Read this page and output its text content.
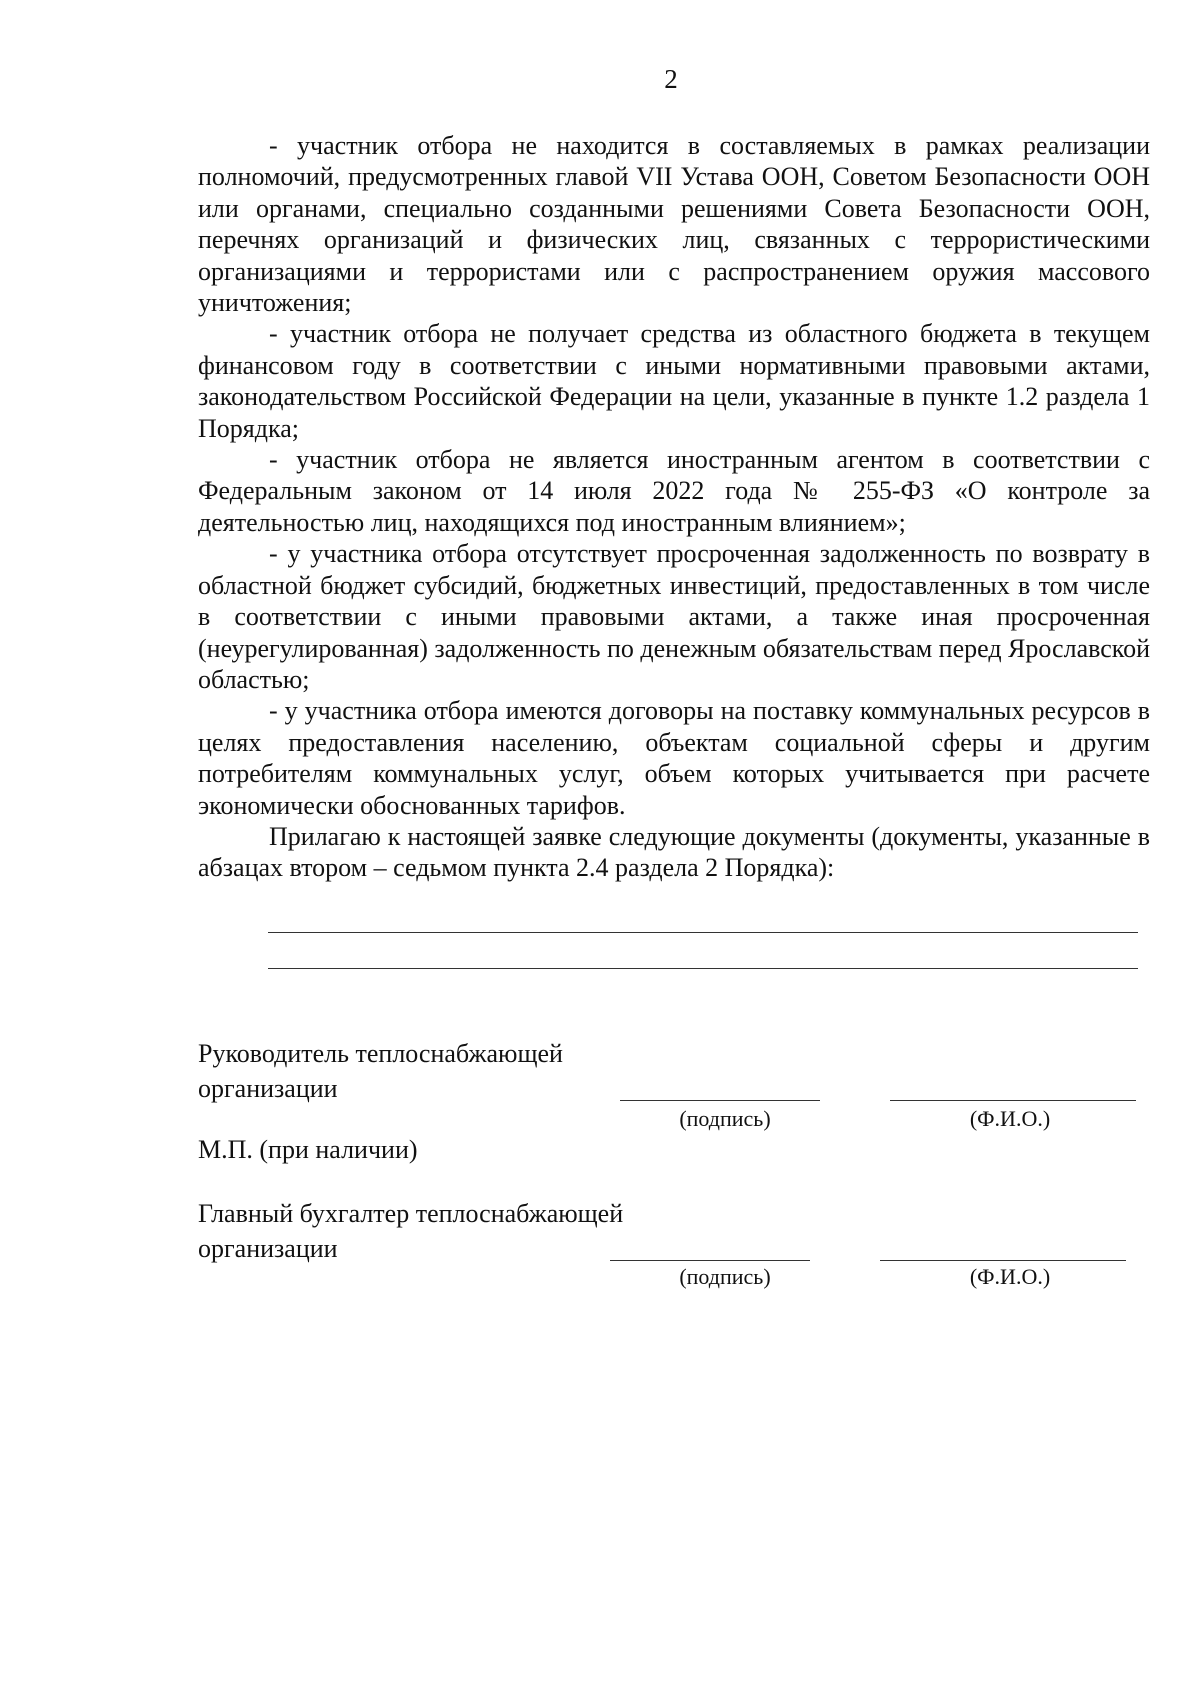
2

- участник отбора не находится в составляемых в рамках реализации полномочий, предусмотренных главой VII Устава ООН, Советом Безопасности ООН или органами, специально созданными решениями Совета Безопасности ООН, перечнях организаций и физических лиц, связанных с террористическими организациями и террористами или с распространением оружия массового уничтожения;

- участник отбора не получает средства из областного бюджета в текущем финансовом году в соответствии с иными нормативными правовыми актами, законодательством Российской Федерации на цели, указанные в пункте 1.2 раздела 1 Порядка;

- участник отбора не является иностранным агентом в соответствии с Федеральным законом от 14 июля 2022 года № 255-ФЗ «О контроле за деятельностью лиц, находящихся под иностранным влиянием»;

- у участника отбора отсутствует просроченная задолженность по возврату в областной бюджет субсидий, бюджетных инвестиций, предоставленных в том числе в соответствии с иными правовыми актами, а также иная просроченная (неурегулированная) задолженность по денежным обязательствам перед Ярославской областью;

- у участника отбора имеются договоры на поставку коммунальных ресурсов в целях предоставления населению, объектам социальной сферы и другим потребителям коммунальных услуг, объем которых учитывается при расчете экономически обоснованных тарифов.

Прилагаю к настоящей заявке следующие документы (документы, указанные в абзацах втором – седьмом пункта 2.4 раздела 2 Порядка):

Руководитель теплоснабжающей
организации
(подпись)	(Ф.И.О.)
М.П. (при наличии)
Главный бухгалтер теплоснабжающей
организации
(подпись)	(Ф.И.О.)
